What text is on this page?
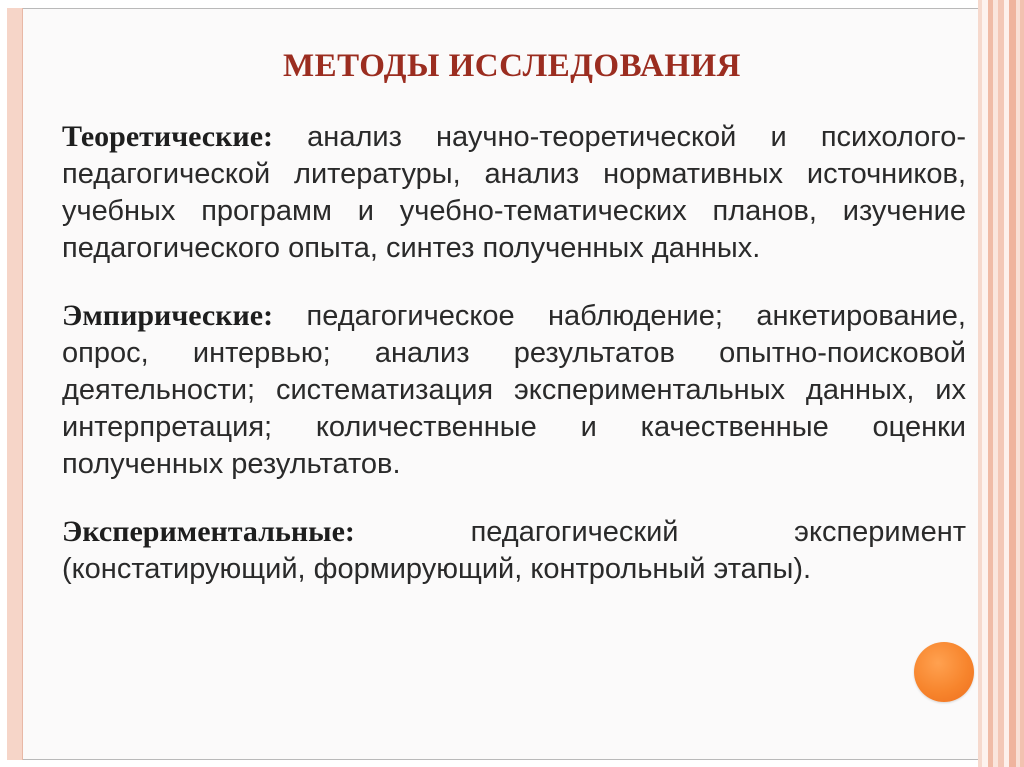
МЕТОДЫ ИССЛЕДОВАНИЯ

Теоретические: анализ научно-теоретической и психолого-педагогической литературы, анализ нормативных источников, учебных программ и учебно-тематических планов, изучение педагогического опыта, синтез полученных данных.

Эмпирические: педагогическое наблюдение; анкетирование, опрос, интервью; анализ результатов опытно-поисковой деятельности; систематизация экспериментальных данных, их интерпретация; количественные и качественные оценки полученных результатов.

Экспериментальные:	педагогический эксперимент (констатирующий, формирующий, контрольный этапы).
